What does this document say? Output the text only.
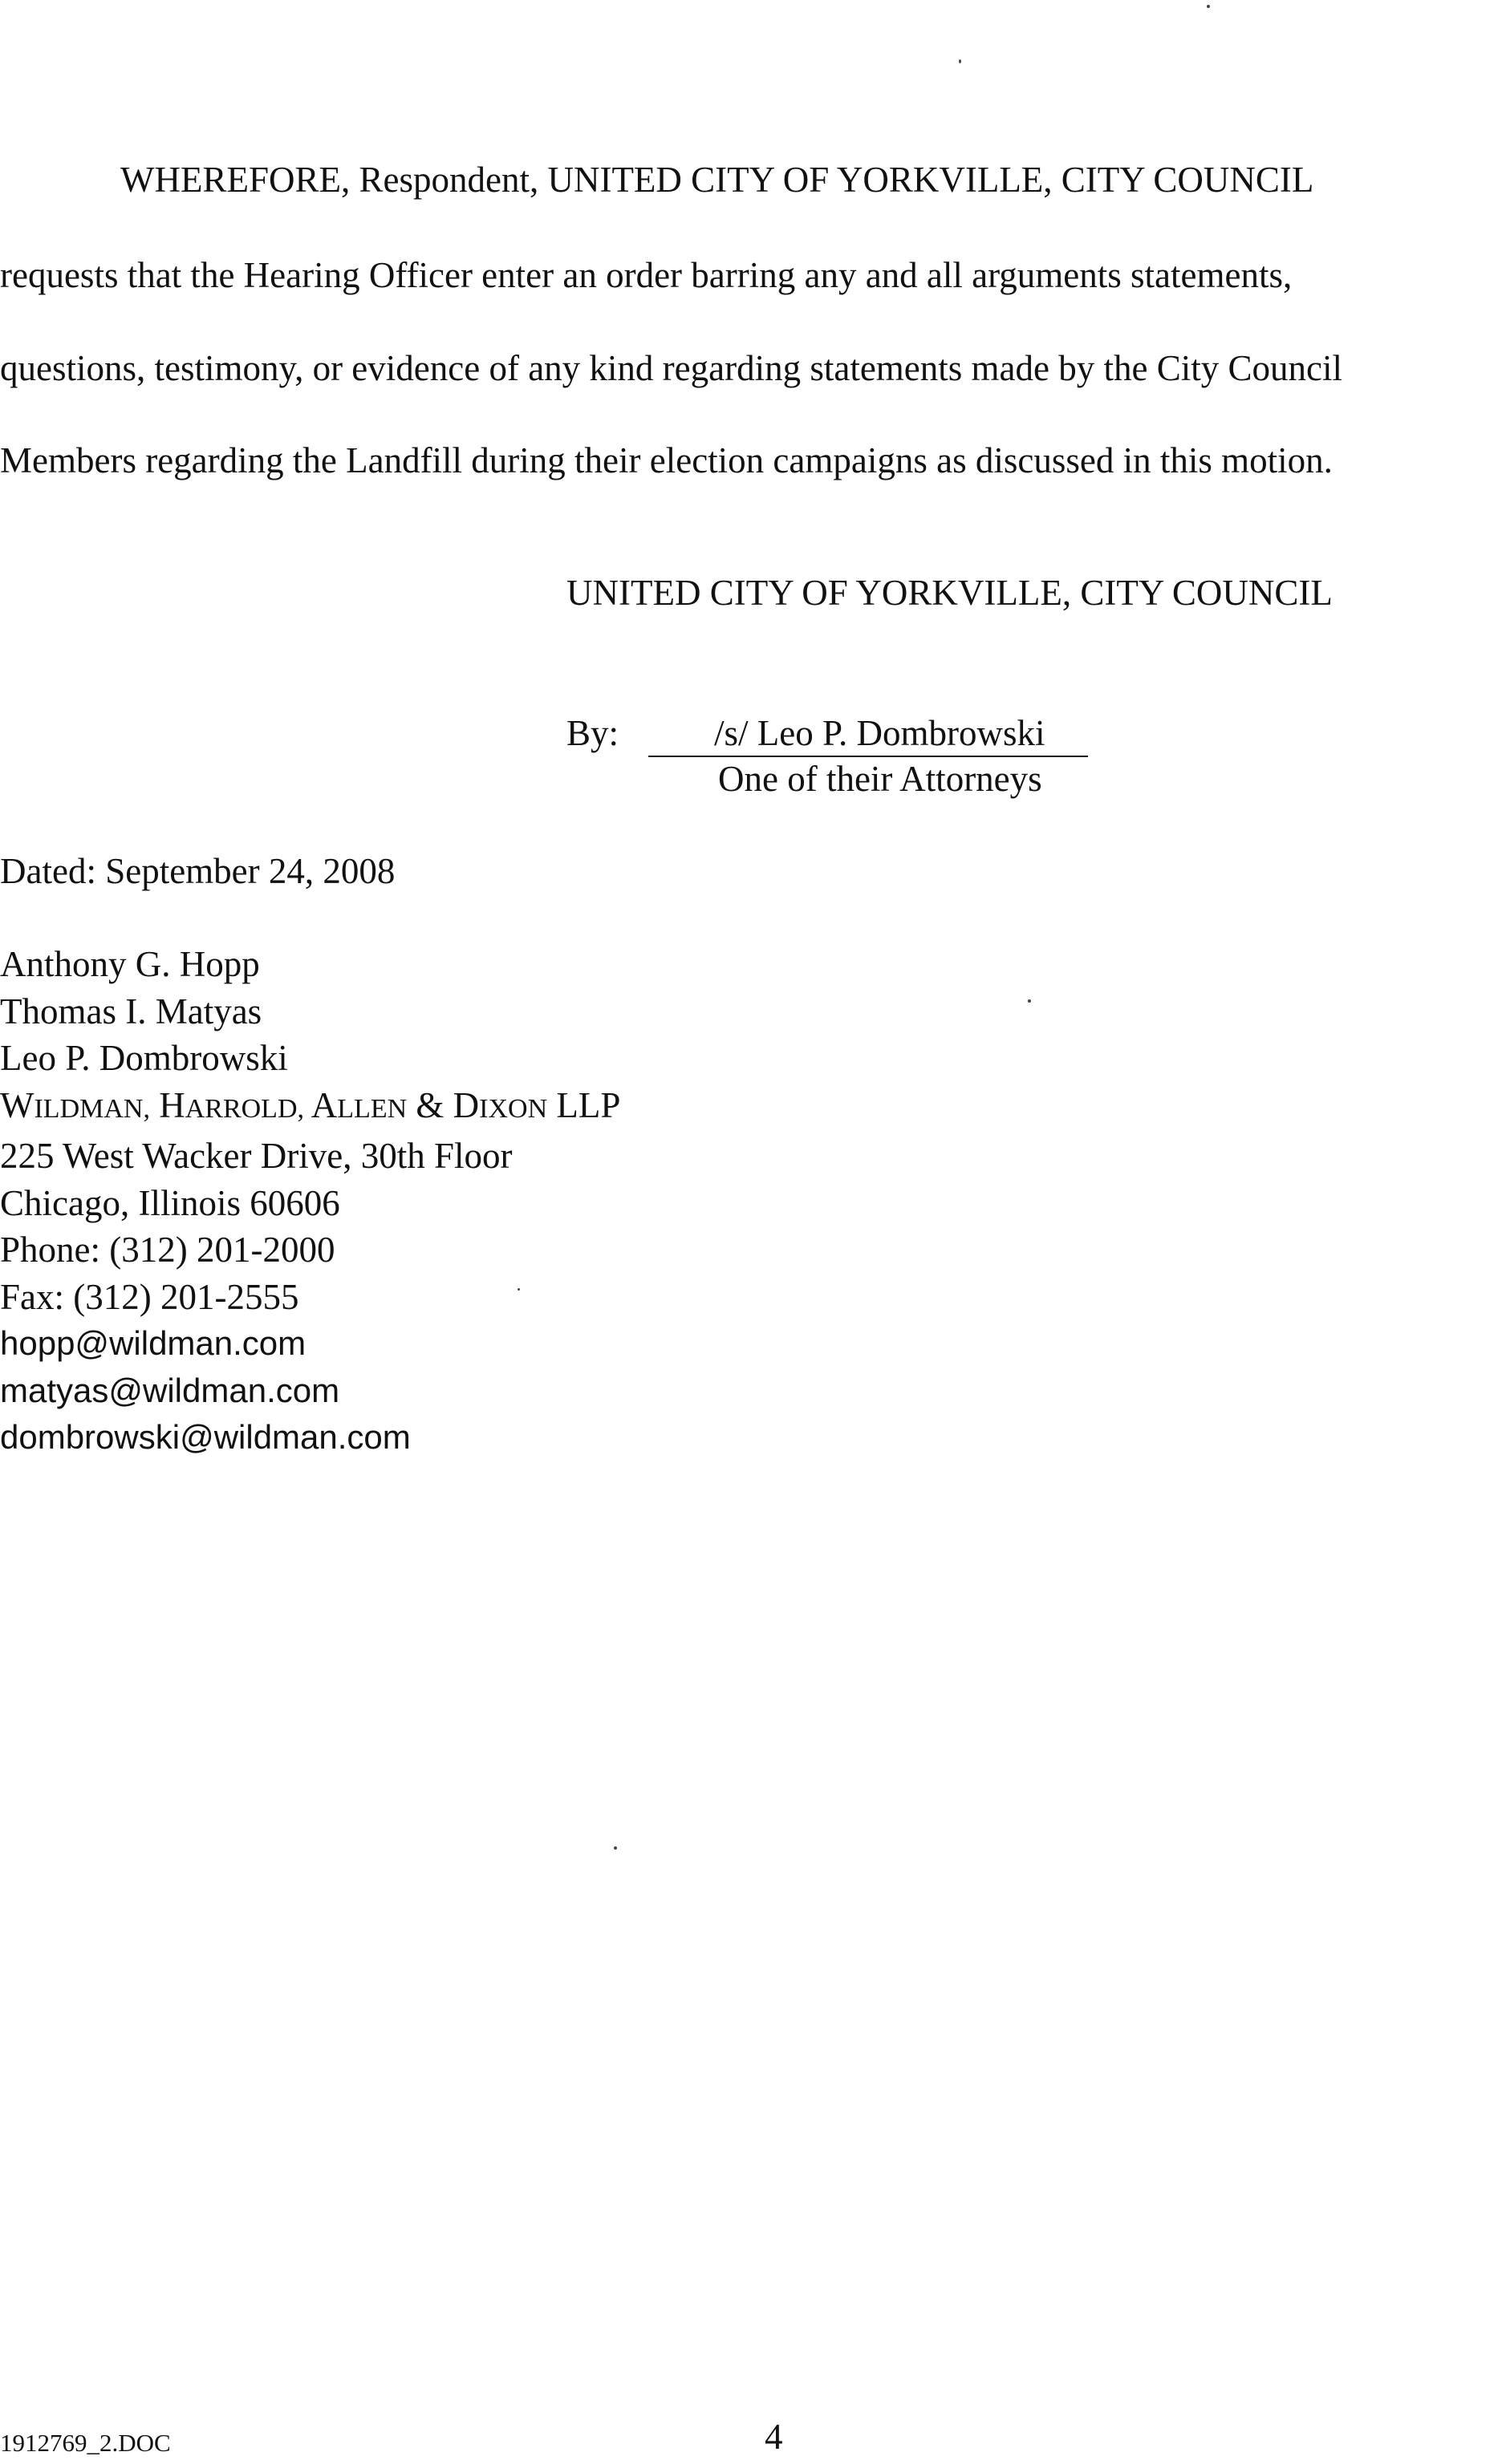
WHEREFORE, Respondent, UNITED CITY OF YORKVILLE, CITY COUNCIL
requests that the Hearing Officer enter an order barring any and all arguments statements,
questions, testimony, or evidence of any kind regarding statements made by the City Council
Members regarding the Landfill during their election campaigns as discussed in this motion.
UNITED CITY OF YORKVILLE, CITY COUNCIL
By:	/s/ Leo P. Dombrowski
One of their Attorneys
Dated: September 24, 2008
Anthony G. Hopp
Thomas I. Matyas
Leo P. Dombrowski
WILDMAN, HARROLD, ALLEN & DIXON LLP
225 West Wacker Drive, 30th Floor
Chicago, Illinois 60606
Phone: (312) 201-2000
Fax: (312) 201-2555
hopp@wildman.com
matyas@wildman.com
dombrowski@wildman.com
1912769_2.DOC	4
